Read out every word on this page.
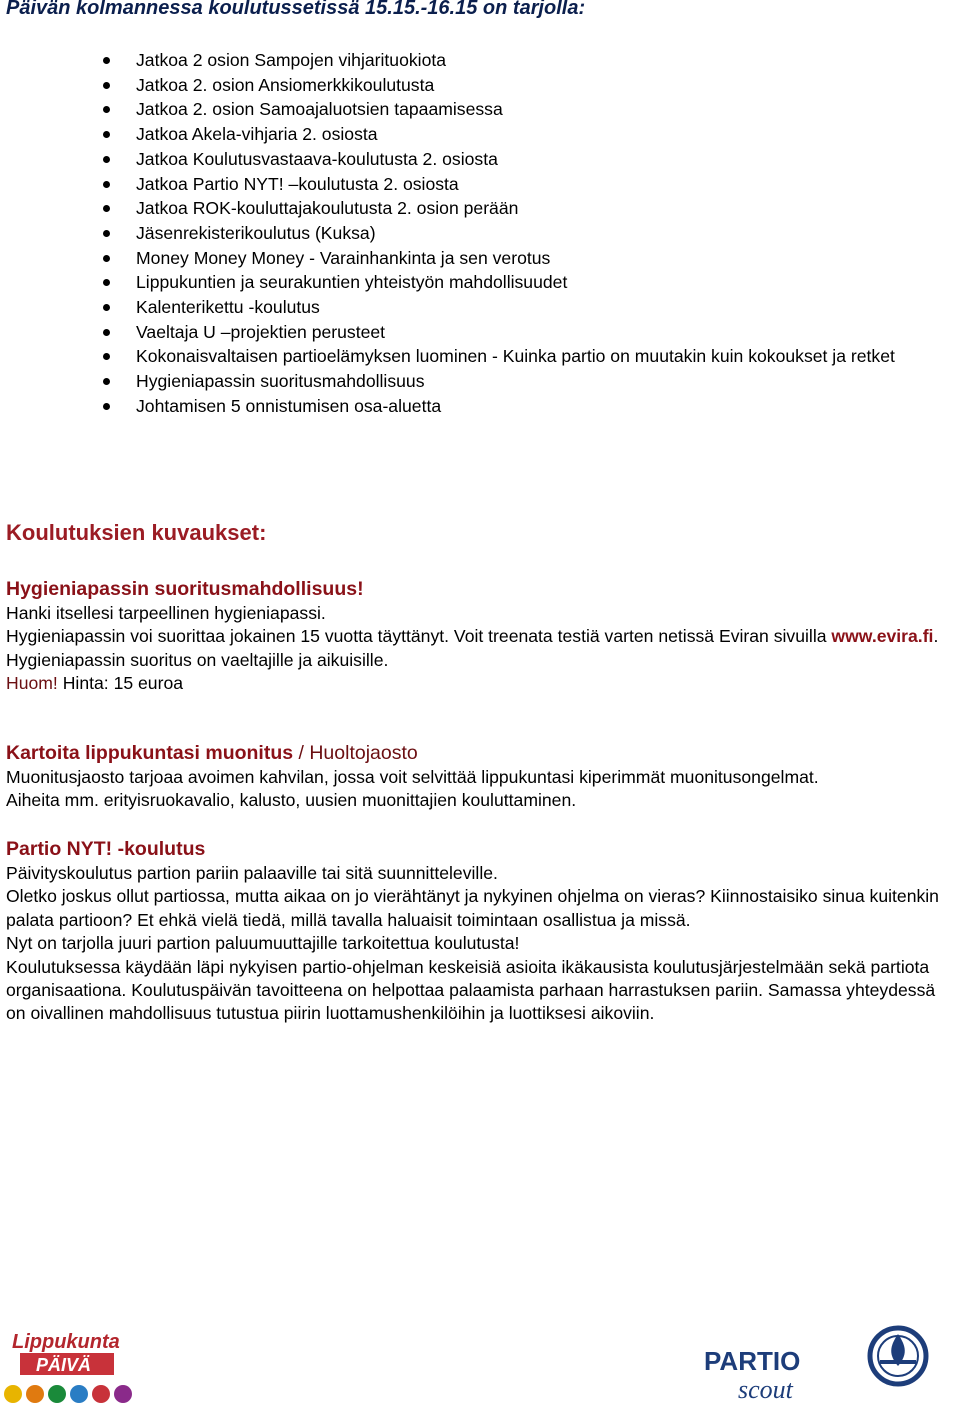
Päivän kolmannessa koulutussetissä 15.15.-16.15 on tarjolla:
Jatkoa 2 osion Sampojen vihjarituokiota
Jatkoa 2. osion Ansiomerkkikoulutusta
Jatkoa 2. osion Samoajaluotsien tapaamisessa
Jatkoa Akela-vihjaria 2. osiosta
Jatkoa Koulutusvastaava-koulutusta 2. osiosta
Jatkoa Partio NYT! –koulutusta 2. osiosta
Jatkoa ROK-kouluttajakoulutusta 2. osion perään
Jäsenrekisterikoulutus (Kuksa)
Money Money Money - Varainhankinta ja sen verotus
Lippukuntien ja seurakuntien yhteistyön mahdollisuudet
Kalenterikettu -koulutus
Vaeltaja U –projektien perusteet
Kokonaisvaltaisen partioelämyksen luominen - Kuinka partio on muutakin kuin kokoukset ja retket
Hygieniapassin suoritusmahdollisuus
Johtamisen 5 onnistumisen osa-aluetta
Koulutuksien kuvaukset:

Hygieniapassin suoritusmahdollisuus!

Hanki itsellesi tarpeellinen hygieniapassi.

Hygieniapassin voi suorittaa jokainen 15 vuotta täyttänyt. Voit treenata testiä varten netissä Eviran sivuilla www.evira.fi.

Hygieniapassin suoritus on vaeltajille ja aikuisille.

Huom! Hinta: 15 euroa

Kartoita lippukuntasi muonitus / Huoltojaosto

Muonitusjaosto tarjoaa avoimen kahvilan, jossa voit selvittää lippukuntasi kiperimmät muonitusongelmat.

Aiheita mm. erityisruokavalio, kalusto, uusien muonittajien kouluttaminen.

Partio NYT! -koulutus

Päivityskoulutus partion pariin palaaville tai sitä suunnitteleville.

Oletko joskus ollut partiossa, mutta aikaa on jo vierähtänyt ja nykyinen ohjelma on vieras? Kiinnostaisiko sinua kuitenkin palata partioon? Et ehkä vielä tiedä, millä tavalla haluaisit toimintaan osallistua ja missä.

Nyt on tarjolla juuri partion paluumuuttajille tarkoitettua koulutusta!

Koulutuksessa käydään läpi nykyisen partio-ohjelman keskeisiä asioita ikäkausista koulutusjärjestelmään sekä partiota organisaationa. Koulutuspäivän tavoitteena on helpottaa palaamista parhaan harrastuksen pariin. Samassa yhteydessä on oivallinen mahdollisuus tutustua piirin luottamushenkilöihin ja luottiksesi aikoviin.

Lippukunta
PÄIVÄ	PARTIO
scout
